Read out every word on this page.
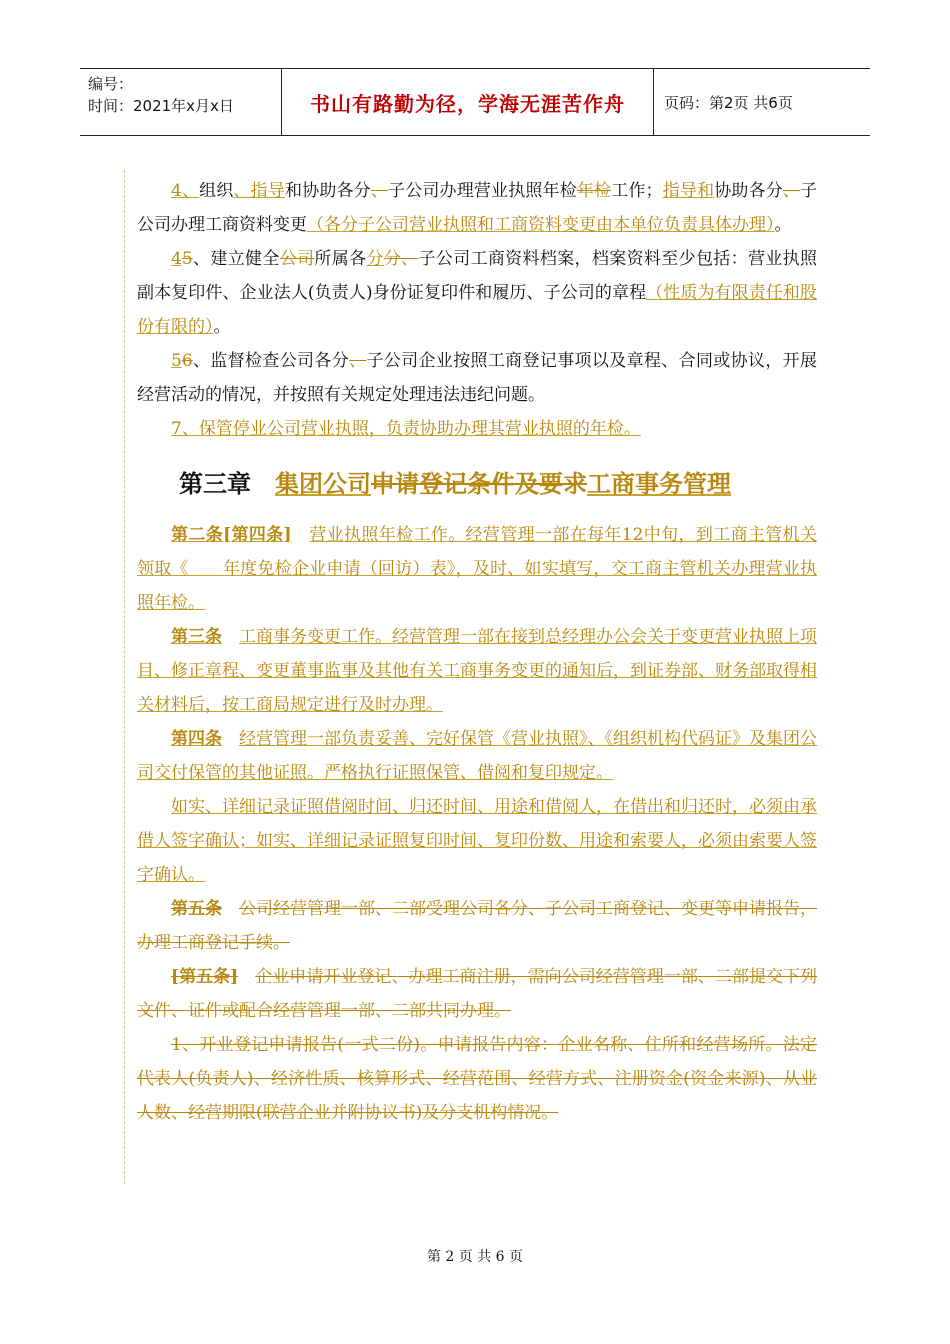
编号：
时间：2021年x月x日	书山有路勤为径，学海无涯苦作舟	页码：第2页 共6页

4、组织、指导和协助各分、子公司办理营业执照年检年检工作；指导和协助各分、子公司办理工商资料变更（各分子公司营业执照和工商资料变更由本单位负责具体办理）。

45、建立健全公司所属各分分、子公司工商资料档案，档案资料至少包括：营业执照副本复印件、企业法人(负责人)身份证复印件和履历、子公司的章程（性质为有限责任和股份有限的）。

56、监督检查公司各分、子公司企业按照工商登记事项以及章程、合同或协议，开展经营活动的情况，并按照有关规定处理违法违纪问题。

7、保管停业公司营业执照，负责协助办理其营业执照的年检。

第三章　 集团公司申请登记条件及要求工商事务管理

第二条[第四条]　 营业执照年检工作。经营管理一部在每年12中旬，到工商主管机关领取《　　年度免检企业申请（回访）表》，及时、如实填写，交工商主管机关办理营业执照年检。

第三条　 工商事务变更工作。经营管理一部在接到总经理办公会关于变更营业执照上项目、修正章程、变更董事监事及其他有关工商事务变更的通知后，到证券部、财务部取得相关材料后，按工商局规定进行及时办理。

第四条　 经营管理一部负责妥善、完好保管《营业执照》、《组织机构代码证》及集团公司交付保管的其他证照。严格执行证照保管、借阅和复印规定。

如实、详细记录证照借阅时间、归还时间、用途和借阅人，在借出和归还时，必须由承借人签字确认；如实、详细记录证照复印时间、复印份数、用途和索要人，必须由索要人签字确认。

第五条　 公司经营管理一部、二部受理公司各分、子公司工商登记、变更等申请报告，办理工商登记手续。

[第五条]　 企业申请开业登记、办理工商注册，需向公司经营管理一部、二部提交下列文件、证件或配合经营管理一部、二部共同办理。

1、开业登记申请报告(一式二份)。申请报告内容：企业名称、住所和经营场所。法定代表人(负责人)、经济性质、核算形式、经营范围、经营方式、注册资金(资金来源)、从业人数、经营期限(联营企业并附协议书)及分支机构情况。

第 2 页 共 6 页
